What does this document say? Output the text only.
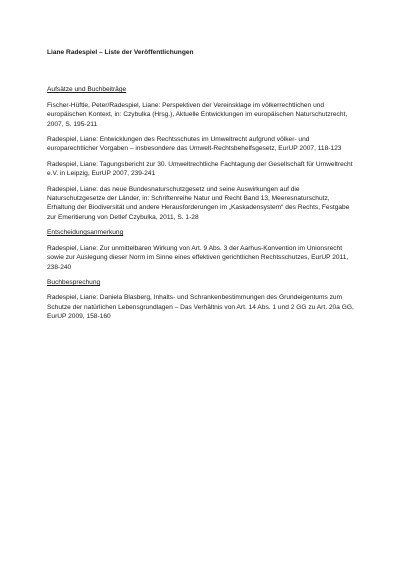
Liane Radespiel – Liste der Veröffentlichungen
Aufsätze und Buchbeiträge
Fischer-Hüftle, Peter/Radespiel, Liane: Perspektiven der Vereinsklage im völkerrechtlichen und europäischen Kontext, in: Czybulka (Hrsg.), Aktuelle Entwicklungen im europäischen Naturschutzrecht, 2007, S. 195-211
Radespiel, Liane: Entwicklungen des Rechtsschutes im Umweltrecht aufgrund völker- und europarechtlicher Vorgaben – insbesondere das Umwelt-Rechtsbehelfsgesetz, EurUP 2007, 118-123
Radespiel, Liane: Tagungsbericht zur 30. Umweltrechtliche Fachtagung der Gesellschaft für Umweltrecht e.V. in Leipzig, EurUP 2007, 239-241
Radespiel, Liane: das neue Bundesnaturschutzgesetz und seine Auswirkungen auf die Naturschutzgesetze der Länder, in: Schriftenreihe Natur und Recht Band 13, Meeresnaturschutz, Erhaltung der Biodiversität und andere Herausforderungen im „Kaskadensystem“ des Rechts, Festgabe zur Emeritierung von Detlef Czybulka, 2011, S. 1-28
Entscheidungsanmerkung
Radespiel, Liane: Zur unmittelbaren Wirkung von Art. 9 Abs. 3 der Aarhus-Konvention im Unionsrecht sowie zur Auslegung dieser Norm im Sinne eines effektiven gerichtlichen Rechtsschutzes, EurUP 2011, 238-240
Buchbesprechung
Radespiel, Liane: Daniela Blasberg, Inhalts- und Schrankenbestimmungen des Grundeigentums zum Schutze der natürlichen Lebensgrundlagen – Das Verhältnis von Art. 14 Abs. 1 und 2 GG zu Art. 20a GG, EurUP 2009, 158-160
